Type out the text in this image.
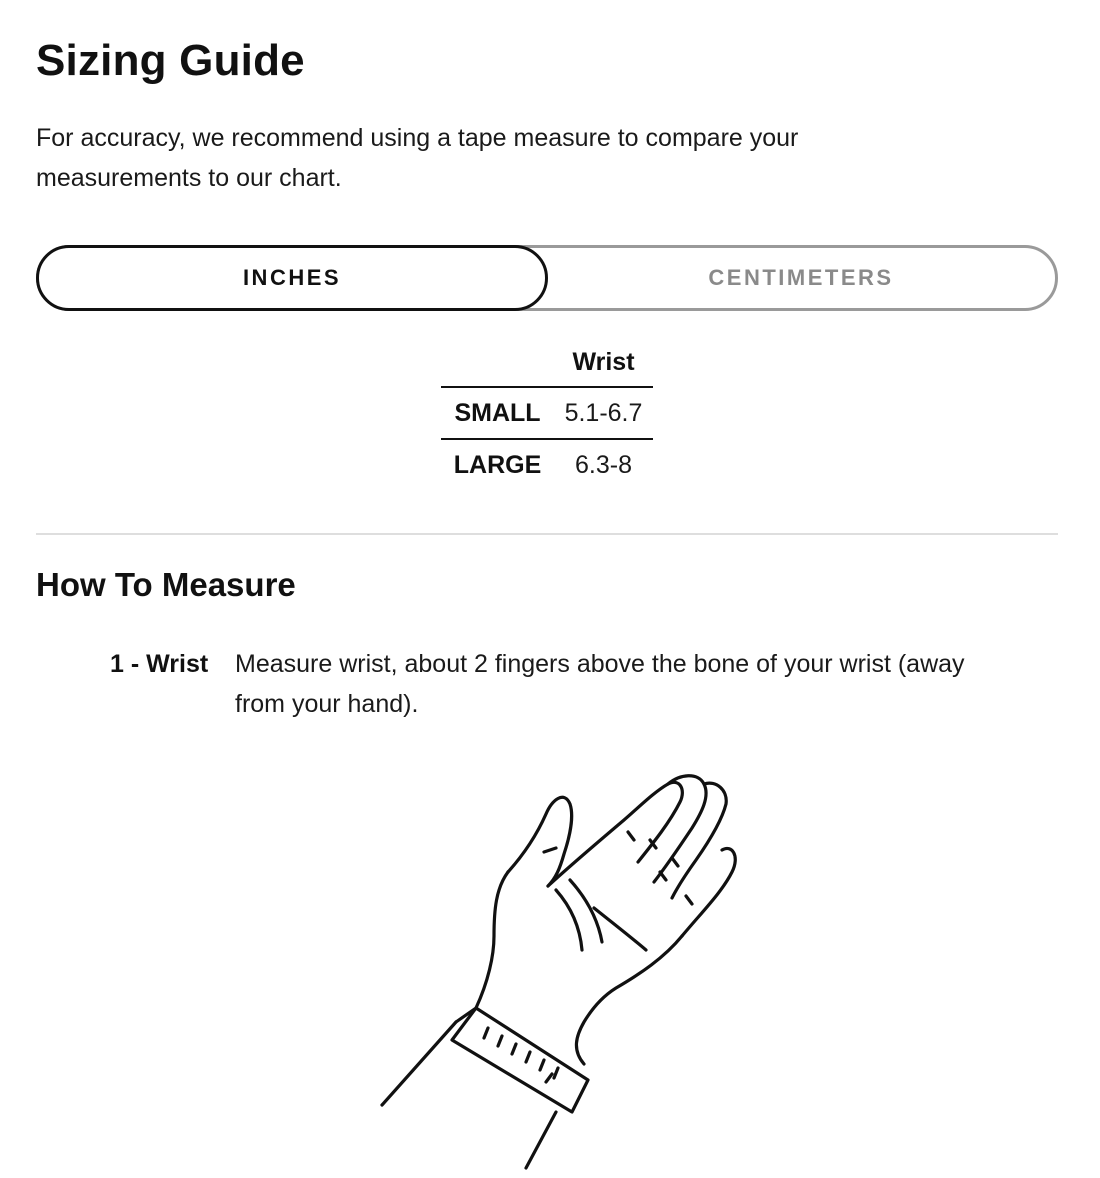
Sizing Guide

For accuracy, we recommend using a tape measure to compare your measurements to our chart.

INCHES	CENTIMETERS
	Wrist
SMALL	5.1-6.7
LARGE	6.3-8
How To Measure
1 - Wrist Measure wrist, about 2 fingers above the bone of your wrist (away from your hand).
